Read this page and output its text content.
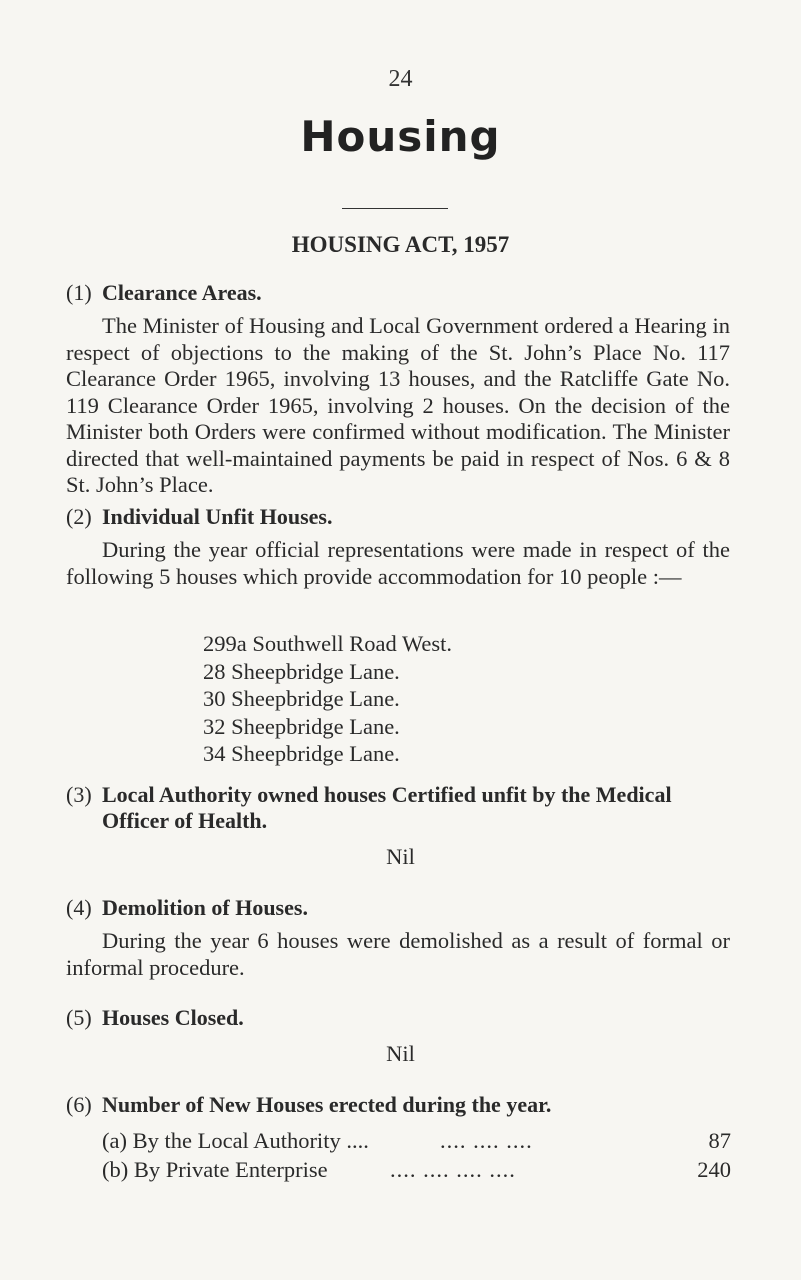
24
Housing
HOUSING ACT, 1957
(1) Clearance Areas.

The Minister of Housing and Local Government ordered a Hearing in respect of objections to the making of the St. John’s Place No. 117 Clearance Order 1965, involving 13 houses, and the Ratcliffe Gate No. 119 Clearance Order 1965, involving 2 houses. On the decision of the Minister both Orders were confirmed without modification. The Minister directed that well-maintained payments be paid in respect of Nos. 6 & 8 St. John’s Place.

(2) Individual Unfit Houses.

During the year official representations were made in respect of the following 5 houses which provide accommodation for 10 people :—

299a Southwell Road West.
28 Sheepbridge Lane.
30 Sheepbridge Lane.
32 Sheepbridge Lane.
34 Sheepbridge Lane.
(3) Local Authority owned houses Certified unfit by the Medical
Officer of Health.
Nil
(4) Demolition of Houses.

During the year 6 houses were demolished as a result of formal or informal procedure.

(5) Houses Closed.
Nil
(6) Number of New Houses erected during the year.
(a) By the Local Authority ....	.... .... ....	87
(b) By Private Enterprise	.... .... .... ....	240
